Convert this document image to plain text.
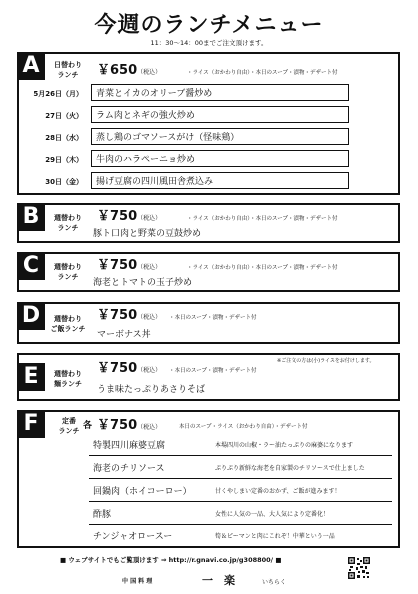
今週のランチメニュー
11：30～14：00までご注文頂けます。
A	日替わり
ランチ	￥650（税込）	・ライス（おかわり自由）・本日のスープ・漬物・デザート付
5月26日（月） 青菜とイカのオリーブ醤炒め
27日（火） ラム肉とネギの強火炒め
28日（水） 蒸し鶏のゴマソースがけ（怪味鶏）
29日（木） 牛肉のハラペーニョ炒め
30日（金） 揚げ豆腐の四川風田舎煮込み
B	週替わり
ランチ
￥750（税込）	・ライス（おかわり自由）・本日のスープ・漬物・デザート付
豚ト口肉と野菜の豆鼓炒め
C	週替わり
ランチ
￥750（税込）	・ライス（おかわり自由）・本日のスープ・漬物・デザート付
海老とトマトの玉子炒め
D	週替わり
ご飯ランチ
￥750（税込） ・本日のスープ・漬物・デザート付
マーボナス丼
E	週替わり
麺ランチ
￥750（税込） ・本日のスープ・漬物・デザート付
※ご注文の方は(小)ライスをお付けします。
うま味たっぷりあさりそば
F	定番
ランチ 各 ￥750（税込）	本日のスープ・ライス（おかわり自由）・デザート付
特製四川麻婆豆腐	本場四川の山椒・ラー油たっぷりの麻婆になります
海老のチリソース	ぷりぷり新鮮な海老を自家製のチリソースで仕上ました
回鍋肉（ホイコーロー）	甘くやしまい定番のおかず、ご飯が進みます！
酢豚	女性に人気の一品、大人気により定番化！
チンジャオロースー	筍＆ピーマンと肉にこれぞ！中華という一品
■ ウェブサイトでもご覧頂けます ⇒ http://r.gnavi.co.jp/g308800/ ■
中 国 料 理	一　楽	いちらく
